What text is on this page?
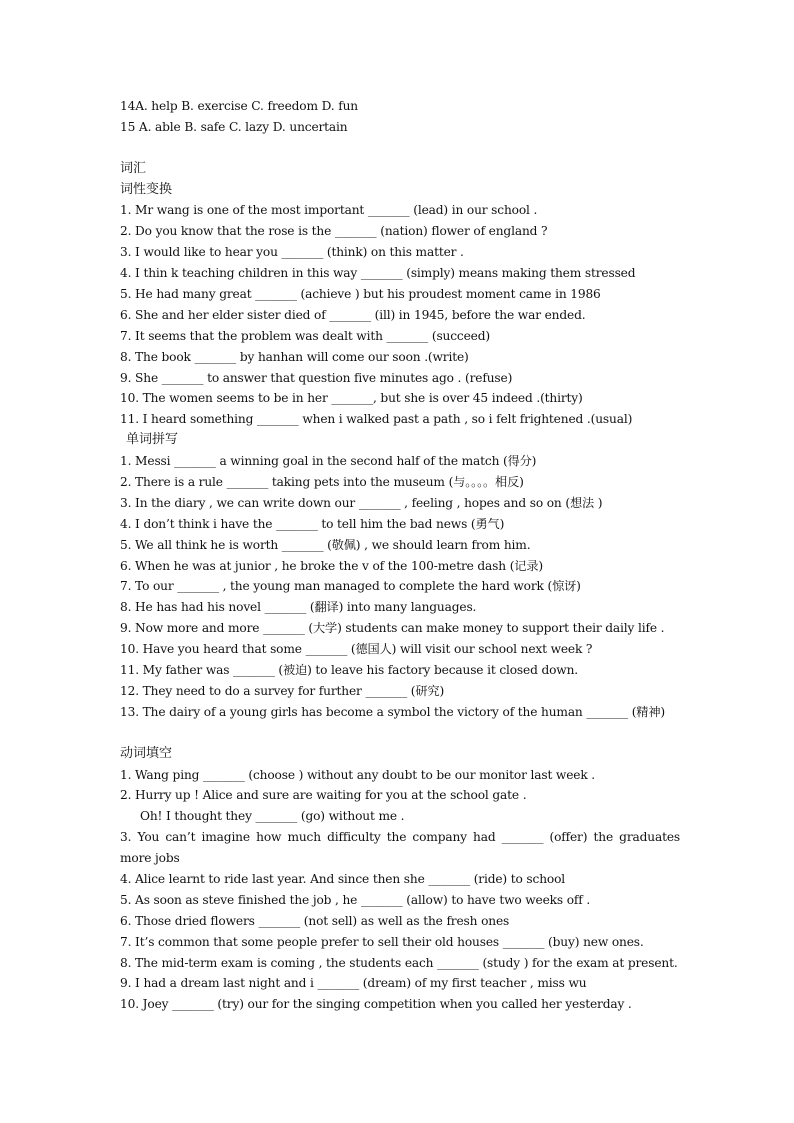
14A. help B. exercise C. freedom D. fun
15 A. able B. safe C. lazy D. uncertain
词汇
词性变换
1. Mr wang is one of the most important _______ (lead) in our school .
2. Do you know that the rose is the _______ (nation) flower of england ?
3. I would like to hear you _______ (think) on this matter .
4. I thin k teaching children in this way _______ (simply) means making them stressed
5. He had many great _______ (achieve ) but his proudest moment came in 1986
6. She and her elder sister died of _______ (ill) in 1945, before the war ended.
7. It seems that the problem was dealt with _______ (succeed)
8. The book _______ by hanhan will come our soon .(write)
9. She _______ to answer that question five minutes ago . (refuse)
10. The women seems to be in her _______, but she is over 45 indeed .(thirty)
11. I heard something _______ when i walked past a path , so i felt frightened .(usual)
单词拼写
1. Messi _______ a winning goal in the second half of the match (得分)
2. There is a rule _______ taking pets into the museum (与。。。。相反)
3. In the diary , we can write down our _______ , feeling , hopes and so on (想法 )
4. I don’t think i have the _______ to tell him the bad news (勇气)
5. We all think he is worth _______ (敬佩) , we should learn from him.
6. When he was at junior , he broke the v of the 100-metre dash (记录)
7. To our _______ , the young man managed to complete the hard work (惊讶)
8. He has had his novel _______ (翻译) into many languages.
9. Now more and more _______ (大学) students can make money to support their daily life .
10. Have you heard that some _______ (德国人) will visit our school next week ?
11. My father was _______ (被迫) to leave his factory because it closed down.
12. They need to do a survey for further _______ (研究)
13. The dairy of a young girls has become a symbol the victory of the human _______ (精神)
动词填空
1. Wang ping _______ (choose ) without any doubt to be our monitor last week .
2. Hurry up ! Alice and sure are waiting for you at the school gate .
Oh! I thought they _______ (go) without me .
3. You can’t imagine how much difficulty the company had _______ (offer) the graduates more jobs
4. Alice learnt to ride last year. And since then she _______ (ride) to school
5. As soon as steve finished the job , he _______ (allow) to have two weeks off .
6. Those dried flowers _______ (not sell) as well as the fresh ones
7. It’s common that some people prefer to sell their old houses _______ (buy) new ones.
8. The mid-term exam is coming , the students each _______ (study ) for the exam at present.
9. I had a dream last night and i _______ (dream) of my first teacher , miss wu
10. Joey _______ (try) our for the singing competition when you called her yesterday .
